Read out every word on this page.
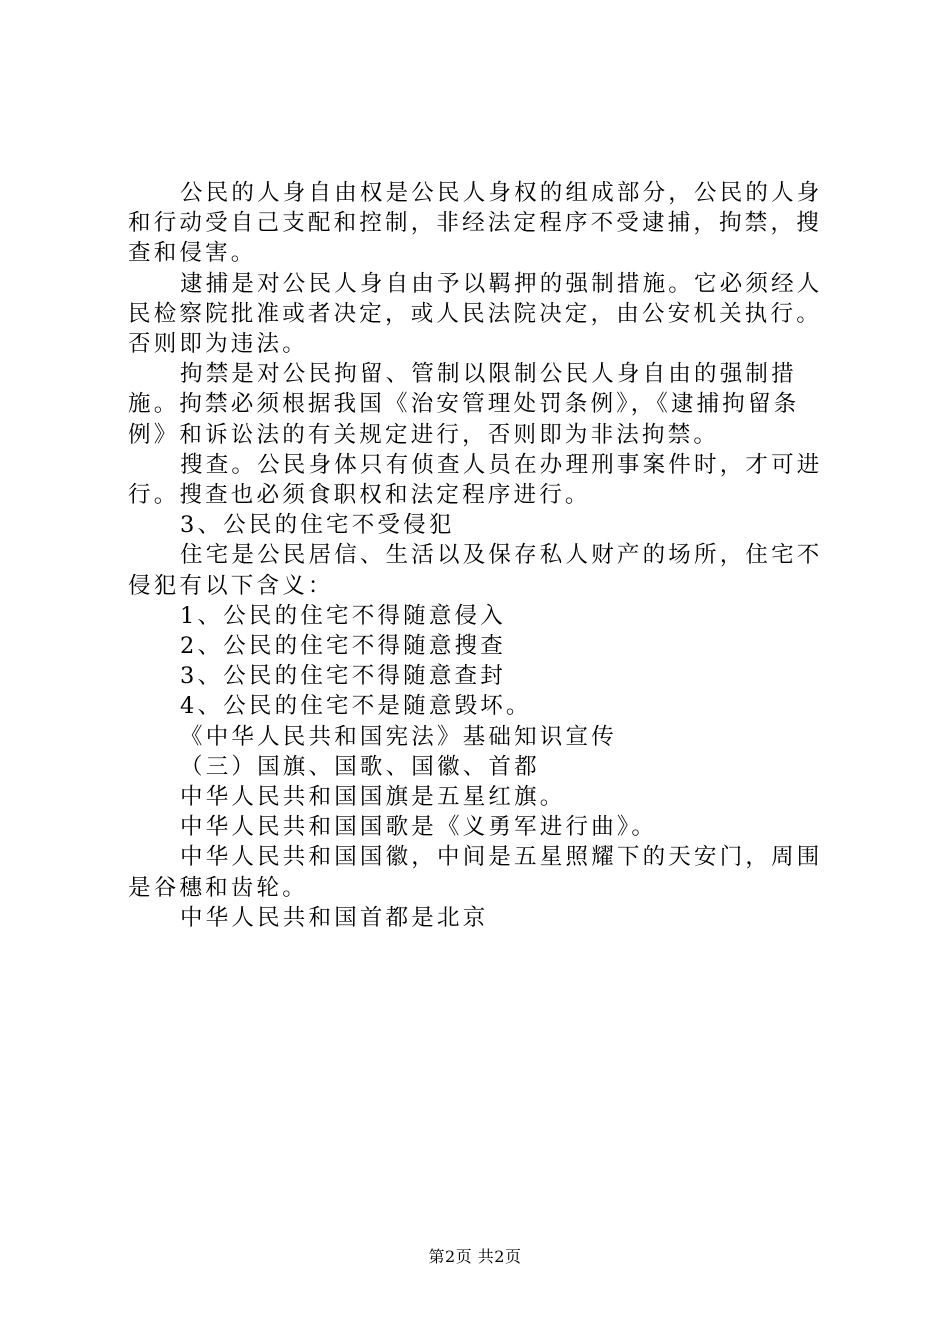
公民的人身自由权是公民人身权的组成部分，公民的人身和行动受自己支配和控制，非经法定程序不受逮捕，拘禁，搜查和侵害。

逮捕是对公民人身自由予以羁押的强制措施。它必须经人民检察院批准或者决定，或人民法院决定，由公安机关执行。否则即为违法。

拘禁是对公民拘留、管制以限制公民人身自由的强制措施。拘禁必须根据我国《治安管理处罚条例》，《逮捕拘留条例》和诉讼法的有关规定进行，否则即为非法拘禁。

搜查。公民身体只有侦查人员在办理刑事案件时，才可进行。搜查也必须食职权和法定程序进行。

3、公民的住宅不受侵犯

住宅是公民居信、生活以及保存私人财产的场所，住宅不侵犯有以下含义：

1、公民的住宅不得随意侵入

2、公民的住宅不得随意搜查

3、公民的住宅不得随意查封

4、公民的住宅不是随意毁坏。

《中华人民共和国宪法》基础知识宣传

（三）国旗、国歌、国徽、首都

中华人民共和国国旗是五星红旗。

中华人民共和国国歌是《义勇军进行曲》。

中华人民共和国国徽，中间是五星照耀下的天安门，周围是谷穗和齿轮。

中华人民共和国首都是北京

第2页 共2页
